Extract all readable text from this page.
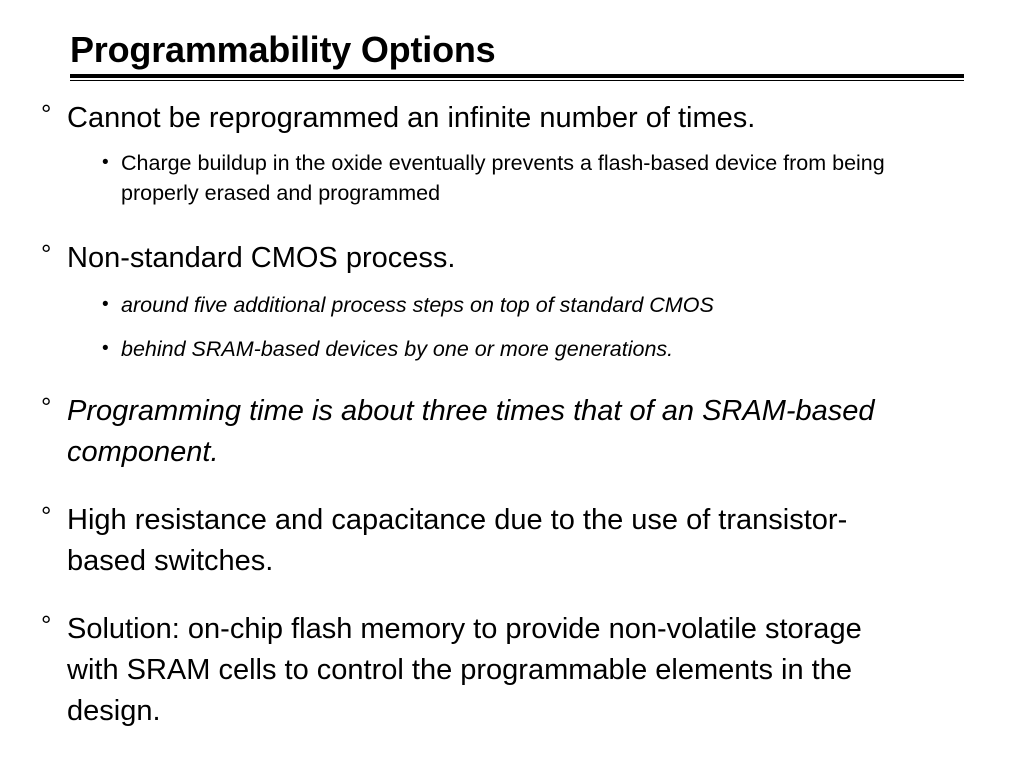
Programmability Options
° Cannot be reprogrammed an infinite number of times.
• Charge buildup in the oxide eventually prevents a flash-based device from being properly erased and programmed
° Non-standard CMOS process.
• around five additional process steps on top of standard CMOS
• behind SRAM-based devices by one or more generations.
° Programming time is about three times that of an SRAM-based component.
° High resistance and capacitance due to the use of transistor-based switches.
° Solution: on-chip flash memory to provide non-volatile storage with SRAM cells to control the programmable elements in the design.
